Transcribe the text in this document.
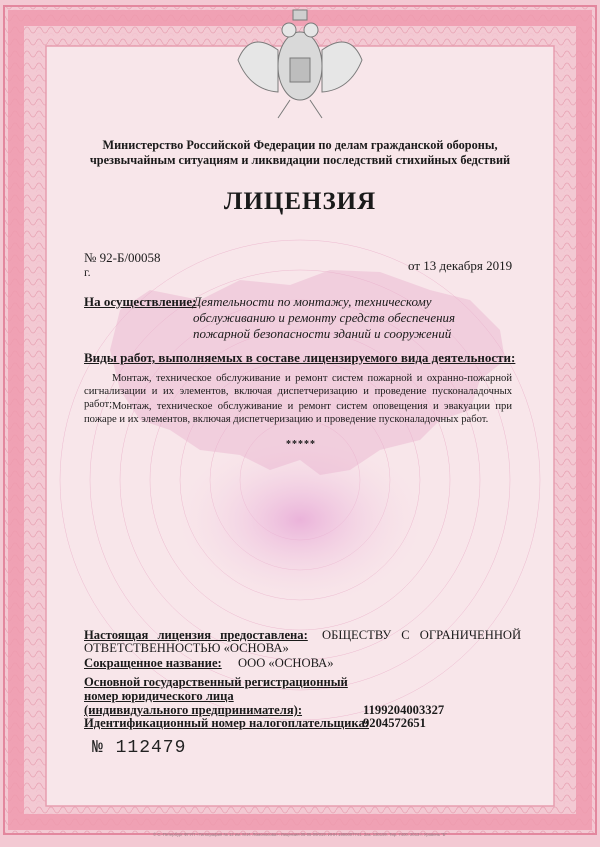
Министерство Российской Федерации по делам гражданской обороны,
чрезвычайным ситуациям и ликвидации последствий стихийных бедствий

ЛИЦЕНЗИЯ

№ 92-Б/00058

г.	от 13 декабря 2019

На осуществление:

Деятельности по монтажу, техническому
обслуживанию и ремонту средств обеспечения
пожарной безопасности зданий и сооружений

Виды работ, выполняемых в составе лицензируемого вида деятельности:

Монтаж, техническое обслуживание и ремонт систем пожарной и охранно-пожарной сигнализации и их элементов, включая диспетчеризацию и проведение пусконаладочных работ; Монтаж, техническое обслуживание и ремонт систем оповещения и эвакуации при пожаре и их элементов, включая диспетчеризацию и проведение пусконаладочных работ.

*****

Настоящая лицензия предоставлена: ОБЩЕСТВУ С ОГРАНИЧЕННОЙ

ОТВЕТСТВЕННОСТЬЮ «ОСНОВА»

Сокращенное название: ООО «ОСНОВА»

Основной государственный регистрационный
номер юридического лица
(индивидуального предпринимателя):	1199204003327

Идентификационный номер налогоплательщика:

9204572651

№ 112479

© С.-Петербург ФГУП «Типография № 12 им. М.И. Ломоносова». Лицензия 05-05-09/019. ИНН 1990007741. Зак. 130199. Тир. 7400. 2013 г. Уровень "Б"
